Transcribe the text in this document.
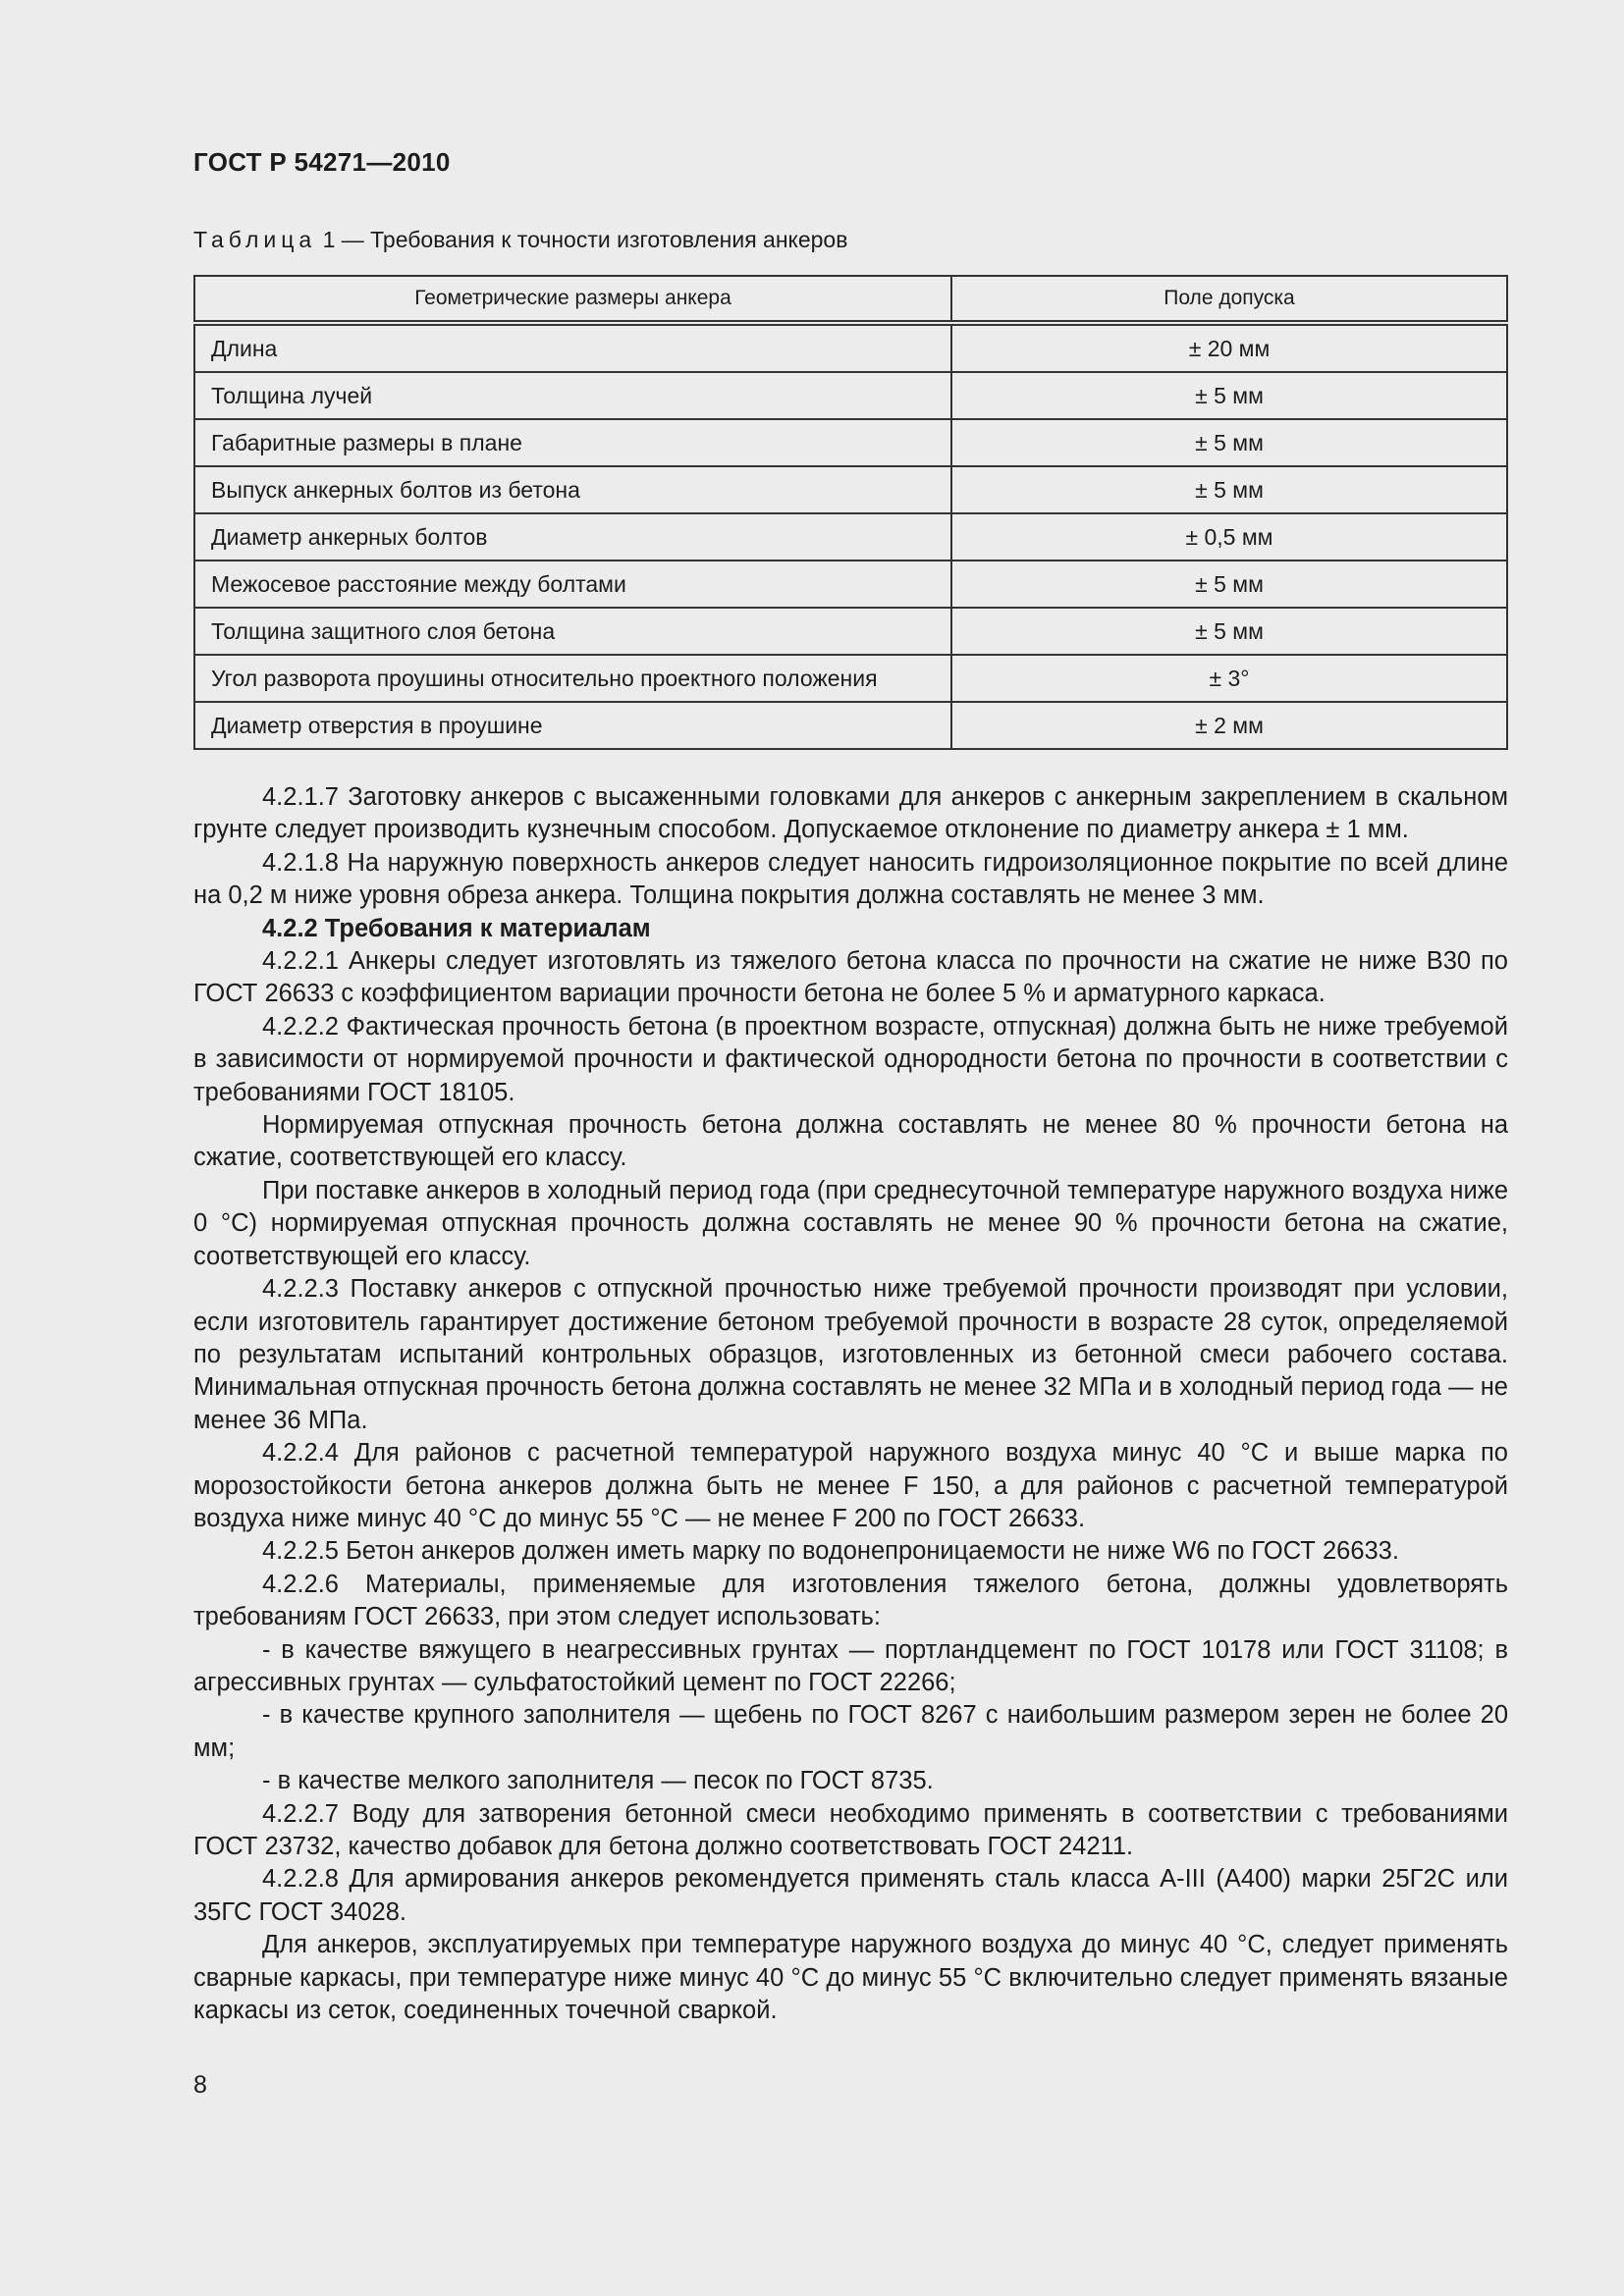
ГОСТ Р 54271—2010
Таблица 1 — Требования к точности изготовления анкеров
Геометрические размеры анкера	Поле допуска
Длина	± 20 мм
Толщина лучей	± 5 мм
Габаритные размеры в плане	± 5 мм
Выпуск анкерных болтов из бетона	± 5 мм
Диаметр анкерных болтов	± 0,5 мм
Межосевое расстояние между болтами	± 5 мм
Толщина защитного слоя бетона	± 5 мм
Угол разворота проушины относительно проектного положения	± 3°
Диаметр отверстия в проушине	± 2 мм

4.2.1.7 Заготовку анкеров с высаженными головками для анкеров с анкерным закреплением в скальном грунте следует производить кузнечным способом. Допускаемое отклонение по диаметру анкера ± 1 мм.

4.2.1.8 На наружную поверхность анкеров следует наносить гидроизоляционное покрытие по всей длине на 0,2 м ниже уровня обреза анкера. Толщина покрытия должна составлять не менее 3 мм.

4.2.2 Требования к материалам

4.2.2.1 Анкеры следует изготовлять из тяжелого бетона класса по прочности на сжатие не ниже В30 по ГОСТ 26633 с коэффициентом вариации прочности бетона не более 5 % и арматурного каркаса.

4.2.2.2 Фактическая прочность бетона (в проектном возрасте, отпускная) должна быть не ниже требуемой в зависимости от нормируемой прочности и фактической однородности бетона по прочности в соответствии с требованиями ГОСТ 18105.

Нормируемая отпускная прочность бетона должна составлять не менее 80 % прочности бетона на сжатие, соответствующей его классу.

При поставке анкеров в холодный период года (при среднесуточной температуре наружного воздуха ниже 0 °С) нормируемая отпускная прочность должна составлять не менее 90 % прочности бетона на сжатие, соответствующей его классу.

4.2.2.3 Поставку анкеров с отпускной прочностью ниже требуемой прочности производят при условии, если изготовитель гарантирует достижение бетоном требуемой прочности в возрасте 28 суток, определяемой по результатам испытаний контрольных образцов, изготовленных из бетонной смеси рабочего состава. Минимальная отпускная прочность бетона должна составлять не менее 32 МПа и в холодный период года — не менее 36 МПа.

4.2.2.4 Для районов с расчетной температурой наружного воздуха минус 40 °С и выше марка по морозостойкости бетона анкеров должна быть не менее F 150, а для районов с расчетной температурой воздуха ниже минус 40 °С до минус 55 °С — не менее F 200 по ГОСТ 26633.

4.2.2.5 Бетон анкеров должен иметь марку по водонепроницаемости не ниже W6 по ГОСТ 26633.

4.2.2.6 Материалы, применяемые для изготовления тяжелого бетона, должны удовлетворять требованиям ГОСТ 26633, при этом следует использовать:

- в качестве вяжущего в неагрессивных грунтах — портландцемент по ГОСТ 10178 или ГОСТ 31108; в агрессивных грунтах — сульфатостойкий цемент по ГОСТ 22266;

- в качестве крупного заполнителя — щебень по ГОСТ 8267 с наибольшим размером зерен не более 20 мм;

- в качестве мелкого заполнителя — песок по ГОСТ 8735.

4.2.2.7 Воду для затворения бетонной смеси необходимо применять в соответствии с требованиями ГОСТ 23732, качество добавок для бетона должно соответствовать ГОСТ 24211.

4.2.2.8 Для армирования анкеров рекомендуется применять сталь класса А-III (А400) марки 25Г2С или 35ГС ГОСТ 34028.

Для анкеров, эксплуатируемых при температуре наружного воздуха до минус 40 °С, следует применять сварные каркасы, при температуре ниже минус 40 °С до минус 55 °С включительно следует применять вязаные каркасы из сеток, соединенных точечной сваркой.

8
